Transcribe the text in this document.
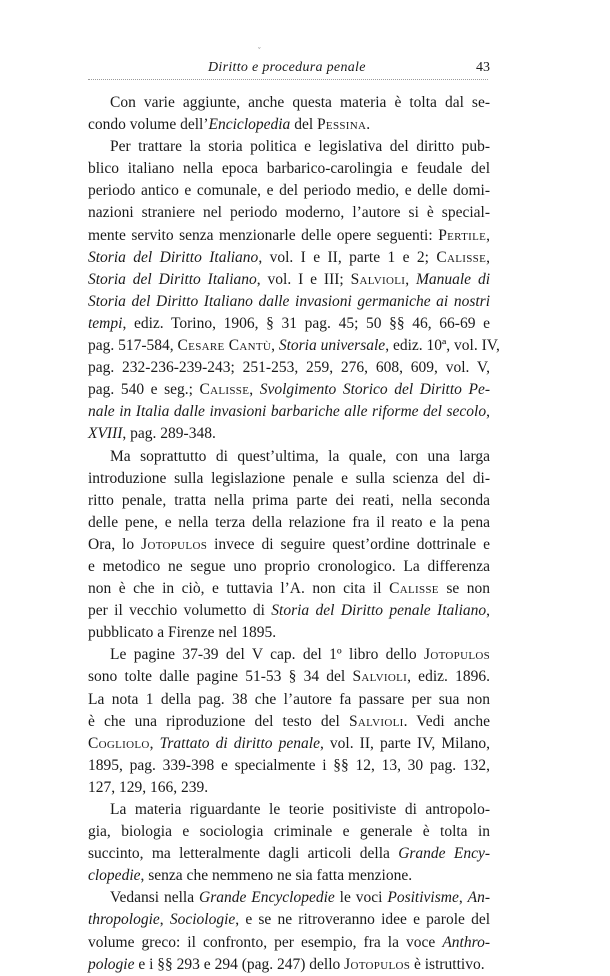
ˇ
Diritto e procedura penale	43
Con varie aggiunte, anche questa materia è tolta dal se-
condo volume dell’Enciclopedia del Pessina.
Per trattare la storia politica e legislativa del diritto pub-
blico italiano nella epoca barbarico-carolingia e feudale del
periodo antico e comunale, e del periodo medio, e delle domi-
nazioni straniere nel periodo moderno, l’autore si è special-
mente servito senza menzionarle delle opere seguenti: Pertile,
Storia del Diritto Italiano, vol. I e II, parte 1 e 2; Calisse,
Storia del Diritto Italiano, vol. I e III; Salvioli, Manuale di
Storia del Diritto Italiano dalle invasioni germaniche ai nostri
tempi, ediz. Torino, 1906, § 31 pag. 45; 50 §§ 46, 66-69 e
pag. 517-584, Cesare Cantù, Storia universale, ediz. 10ª, vol. IV,
pag. 232-236-239-243; 251-253, 259, 276, 608, 609, vol. V,
pag. 540 e seg.; Calisse, Svolgimento Storico del Diritto Pe-
nale in Italia dalle invasioni barbariche alle riforme del secolo,
XVIII, pag. 289-348.
Ma soprattutto di quest’ultima, la quale, con una larga
introduzione sulla legislazione penale e sulla scienza del di-
ritto penale, tratta nella prima parte dei reati, nella seconda
delle pene, e nella terza della relazione fra il reato e la pena
Ora, lo Jotopulos invece di seguire quest’ordine dottrinale e
e metodico ne segue uno proprio cronologico. La differenza
non è che in ciò, e tuttavia l’A. non cita il Calisse se non
per il vecchio volumetto di Storia del Diritto penale Italiano,
pubblicato a Firenze nel 1895.
Le pagine 37-39 del V cap. del 1º libro dello Jotopulos
sono tolte dalle pagine 51-53 § 34 del Salvioli, ediz. 1896.
La nota 1 della pag. 38 che l’autore fa passare per sua non
è che una riproduzione del testo del Salvioli. Vedi anche
Cogliolo, Trattato di diritto penale, vol. II, parte IV, Milano,
1895, pag. 339-398 e specialmente i §§ 12, 13, 30 pag. 132,
127, 129, 166, 239.
La materia riguardante le teorie positiviste di antropolo-
gia, biologia e sociologia criminale e generale è tolta in
succinto, ma letteralmente dagli articoli della Grande Ency-
clopedie, senza che nemmeno ne sia fatta menzione.
Vedansi nella Grande Encyclopedie le voci Positivisme, An-
thropologie, Sociologie, e se ne ritroveranno idee e parole del
volume greco: il confronto, per esempio, fra la voce Anthro-
pologie e i §§ 293 e 294 (pag. 247) dello Jotopulos è istruttivo.
